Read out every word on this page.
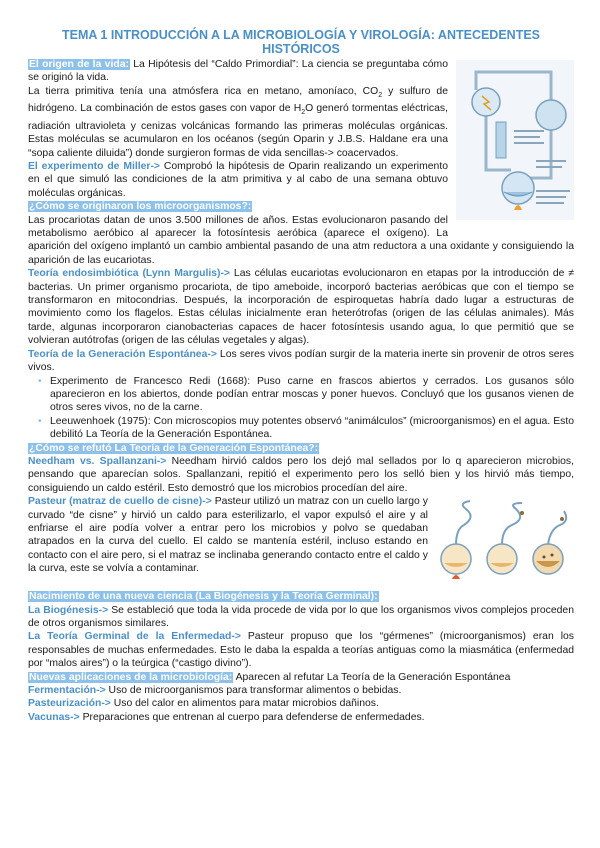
TEMA 1 INTRODUCCIÓN A LA MICROBIOLOGÍA Y VIROLOGÍA: ANTECEDENTES HISTÓRICOS

El origen de la vida: La Hipótesis del “Caldo Primordial”: La ciencia se preguntaba cómo se originó la vida.

La tierra primitiva tenía una atmósfera rica en metano, amoníaco, $CO_2$ y sulfuro de hidrógeno. La combinación de estos gases con vapor de $H_2O$ generó tormentas eléctricas, radiación ultravioleta y cenizas volcánicas formando las primeras moléculas orgánicas. Estas moléculas se acumularon en los océanos (según Oparin y J.B.S. Haldane era una “sopa caliente diluida”) donde surgieron formas de vida sencillas-> coacervados.

El experimento de Miller-> Comprobó la hipótesis de Oparin realizando un experimento en el que simuló las condiciones de la atm primitiva y al cabo de una semana obtuvo moléculas orgánicas.

¿Cómo se originaron los microorganismos?:

Las procariotas datan de unos 3.500 millones de años. Estas evolucionaron pasando del metabolismo aeróbico al aparecer la fotosíntesis aeróbica (aparece el oxígeno). La aparición del oxígeno implantó un cambio ambiental pasando de una atm reductora a una oxidante y consiguiendo la aparición de las eucariotas.

Teoría endosimbiótica (Lynn Margulis)-> Las células eucariotas evolucionaron en etapas por la introducción de ≠ bacterias. Un primer organismo procariota, de tipo ameboide, incorporó bacterias aeróbicas que con el tiempo se transformaron en mitocondrias. Después, la incorporación de espiroquetas habría dado lugar a estructuras de movimiento como los flagelos. Estas células inicialmente eran heterótrofas (origen de las células animales). Más tarde, algunas incorporaron cianobacterias capaces de hacer fotosíntesis usando agua, lo que permitió que se volvieran autótrofas (origen de las células vegetales y algas).

Teoría de la Generación Espontánea-> Los seres vivos podían surgir de la materia inerte sin provenir de otros seres vivos.

• Experimento de Francesco Redi (1668): Puso carne en frascos abiertos y cerrados. Los gusanos sólo aparecieron en los abiertos, donde podían entrar moscas y poner huevos. Concluyó que los gusanos vienen de otros seres vivos, no de la carne.
• Leeuwenhoek (1975): Con microscopios muy potentes observó “animálculos” (microorganismos) en el agua. Esto debilitó La Teoría de la Generación Espontánea.

¿Cómo se refutó La Teoría de la Generación Espontánea?:

Needham vs. Spallanzani-> Needham hirvió caldos pero los dejó mal sellados por lo q aparecieron microbios, pensando que aparecían solos. Spallanzani, repitió el experimento pero los selló bien y los hirvió más tiempo, consiguiendo un caldo estéril. Esto demostró que los microbios procedían del aire.

Pasteur (matraz de cuello de cisne)-> Pasteur utilizó un matraz con un cuello largo y curvado “de cisne” y hirvió un caldo para esterilizarlo, el vapor expulsó el aire y al enfriarse el aire podía volver a entrar pero los microbios y polvo se quedaban atrapados en la curva del cuello. El caldo se mantenía estéril, incluso estando en contacto con el aire pero, si el matraz se inclinaba generando contacto entre el caldo y la curva, este se volvía a contaminar.

Nacimiento de una nueva ciencia (La Biogénesis y la Teoría Germinal):

La Biogénesis-> Se estableció que toda la vida procede de vida por lo que los organismos vivos complejos proceden de otros organismos similares.

La Teoría Germinal de la Enfermedad-> Pasteur propuso que los “gérmenes” (microorganismos) eran los responsables de muchas enfermedades. Esto le daba la espalda a teorías antiguas como la miasmática (enfermedad por “malos aires”) o la teúrgica (“castigo divino”).

Nuevas aplicaciones de la microbiología: Aparecen al refutar La Teoría de la Generación Espontánea

Fermentación-> Uso de microorganismos para transformar alimentos o bebidas.

Pasteurización-> Uso del calor en alimentos para matar microbios dañinos.

Vacunas-> Preparaciones que entrenan al cuerpo para defenderse de enfermedades.
